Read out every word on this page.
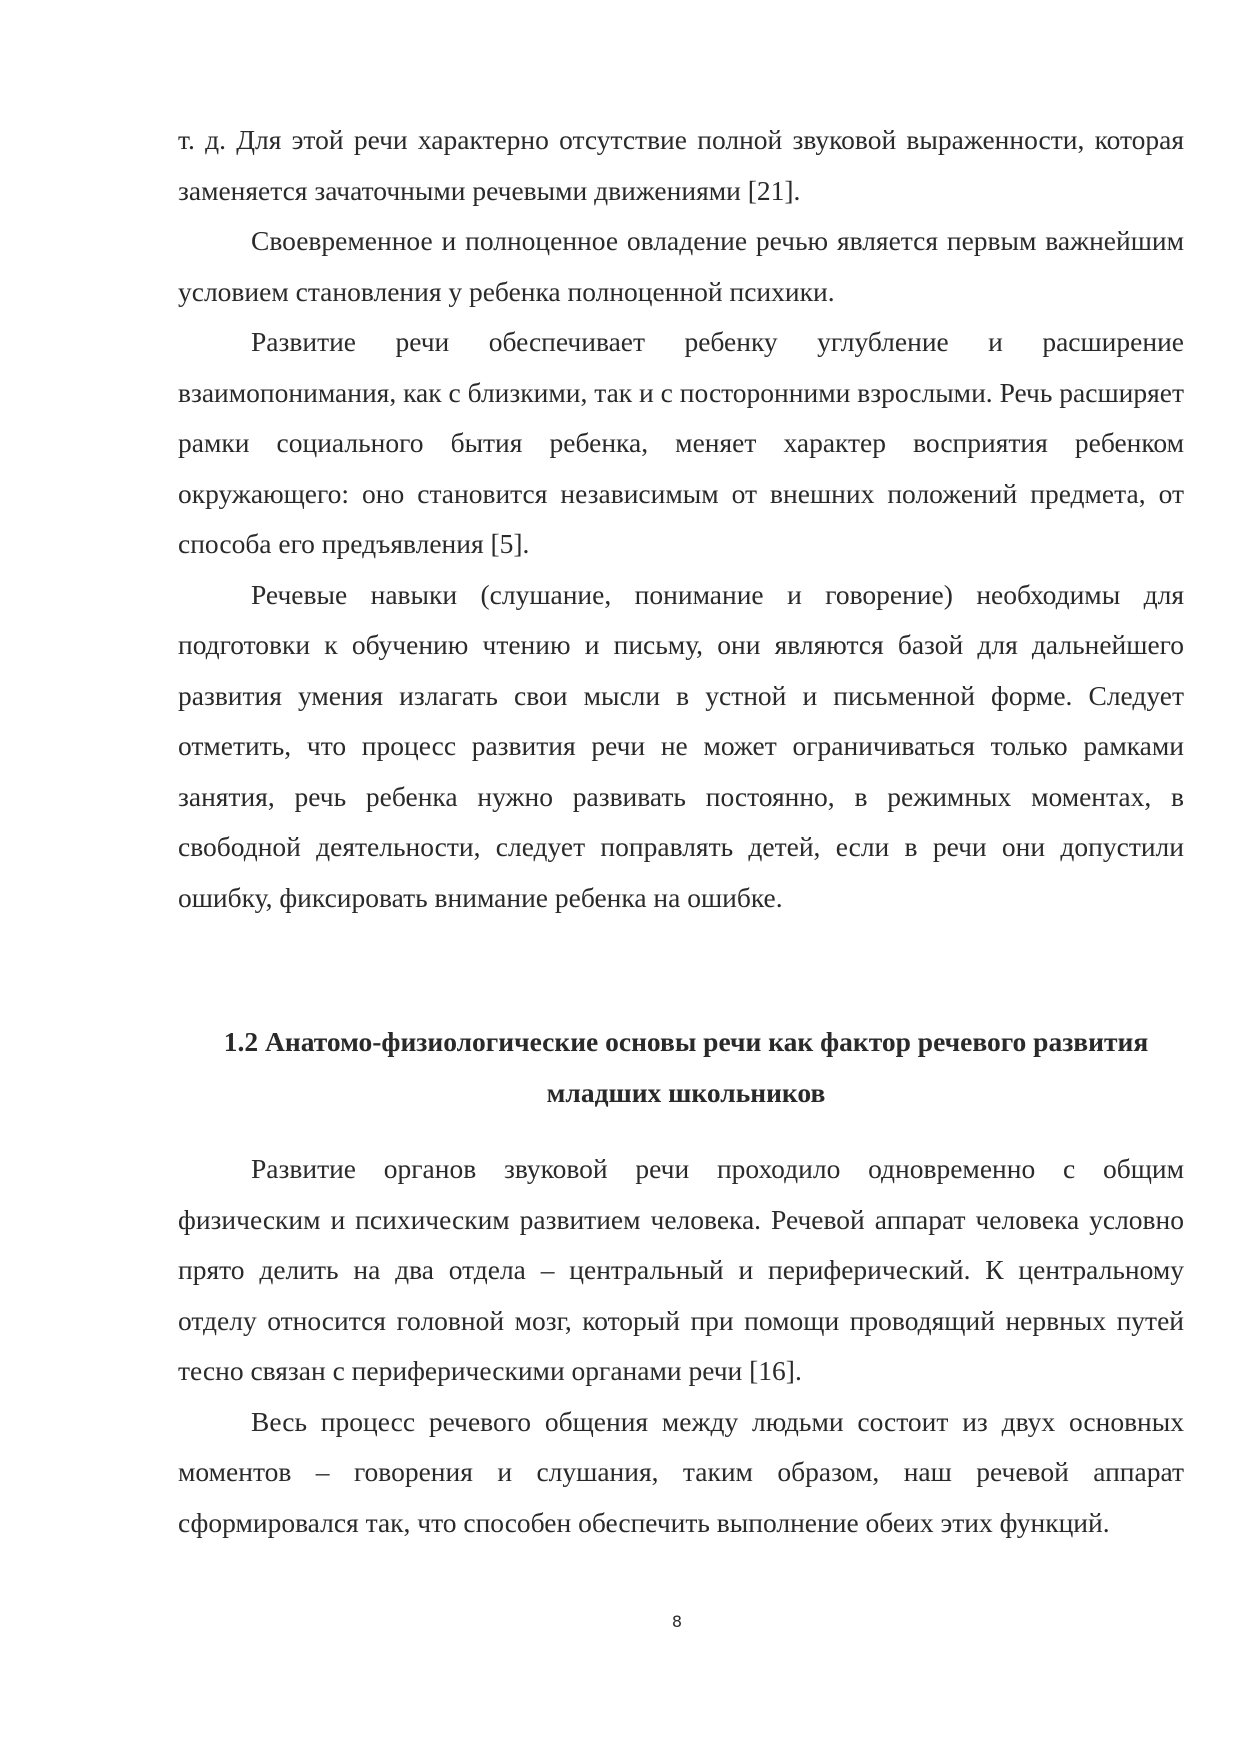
т. д. Для этой речи характерно отсутствие полной звуковой выраженности, которая заменяется зачаточными речевыми движениями [21].

Своевременное и полноценное овладение речью является первым важнейшим условием становления у ребенка полноценной психики.

Развитие речи обеспечивает ребенку углубление и расширение взаимопонимания, как с близкими, так и с посторонними взрослыми. Речь расширяет рамки социального бытия ребенка, меняет характер восприятия ребенком окружающего: оно становится независимым от внешних положений предмета, от способа его предъявления [5].

Речевые навыки (слушание, понимание и говорение) необходимы для подготовки к обучению чтению и письму, они являются базой для дальнейшего развития умения излагать свои мысли в устной и письменной форме. Следует отметить, что процесс развития речи не может ограничиваться только рамками занятия, речь ребенка нужно развивать постоянно, в режимных моментах, в свободной деятельности, следует поправлять детей, если в речи они допустили ошибку, фиксировать внимание ребенка на ошибке.

1.2 Анатомо-физиологические основы речи как фактор речевого развития
младших школьников

Развитие органов звуковой речи проходило одновременно с общим физическим и психическим развитием человека. Речевой аппарат человека условно прято делить на два отдела – центральный и периферический. К центральному отделу относится головной мозг, который при помощи проводящий нервных путей тесно связан с периферическими органами речи [16].

Весь процесс речевого общения между людьми состоит из двух основных моментов – говорения и слушания, таким образом, наш речевой аппарат сформировался так, что способен обеспечить выполнение обеих этих функций.

8
